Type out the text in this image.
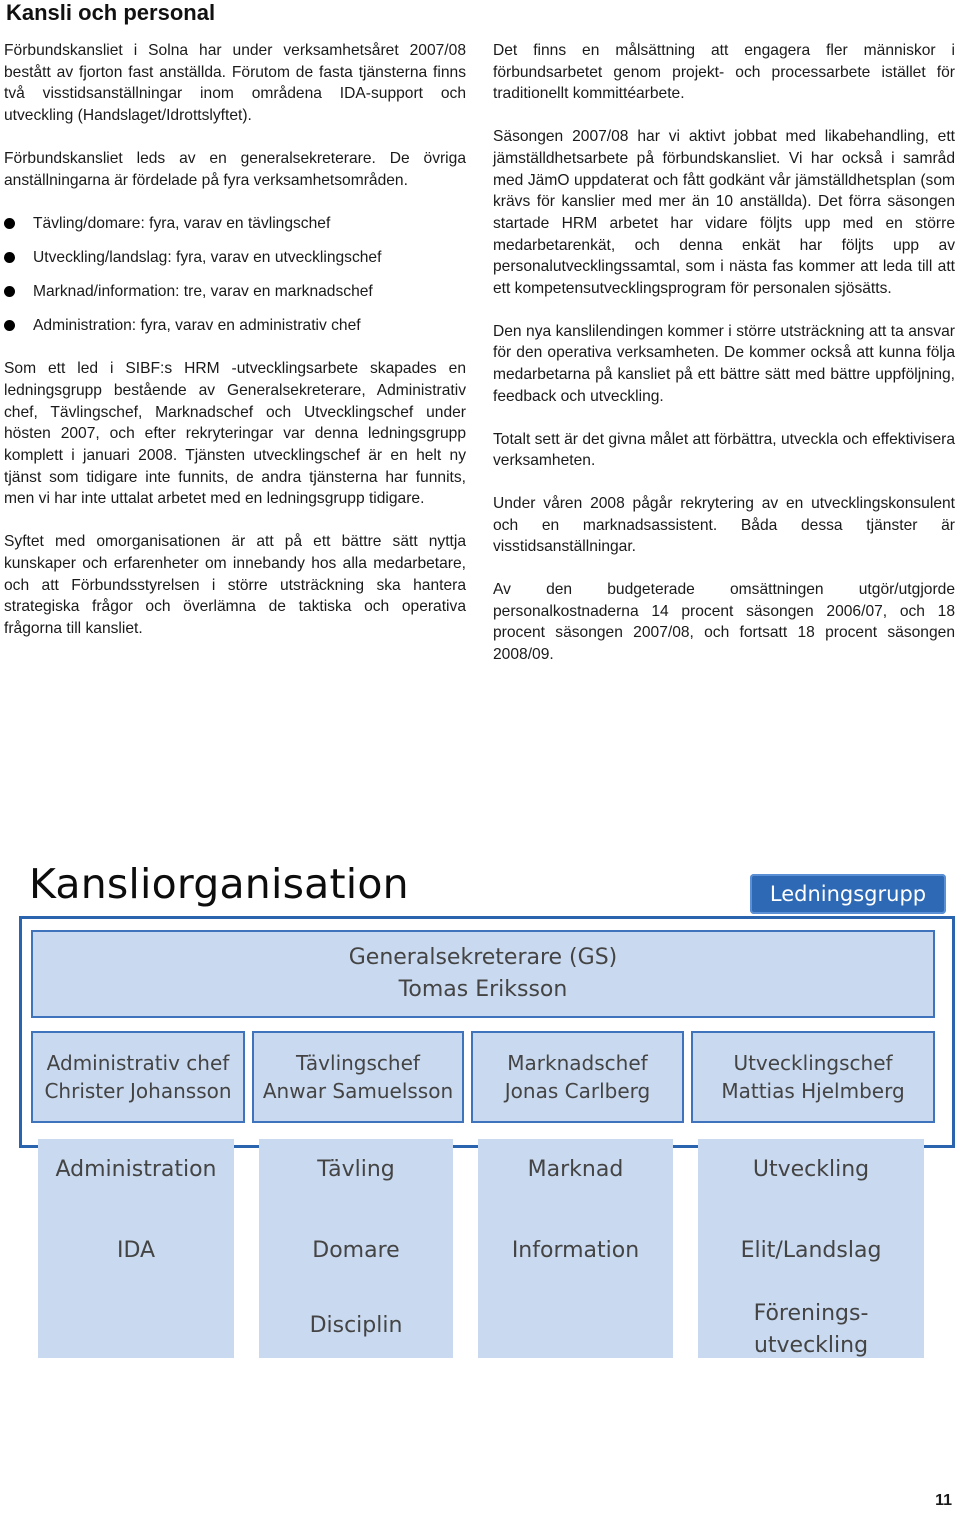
Kansli och personal

Förbundskansliet i Solna har under verksamhetsåret 2007/08 bestått av fjorton fast anställda. Förutom de fasta tjänsterna finns två visstidsanställningar inom områdena IDA-support och utveckling (Handslaget/Idrottslyftet).

Förbundskansliet leds av en generalsekreterare. De övriga anställningarna är fördelade på fyra verksamhetsområden.

Tävling/domare: fyra, varav en tävlingschef
Utveckling/landslag: fyra, varav en utvecklingschef
Marknad/information: tre, varav en marknadschef
Administration: fyra, varav en administrativ chef

Som ett led i SIBF:s HRM -utvecklingsarbete skapades en ledningsgrupp bestående av Generalsekreterare, Administrativ chef, Tävlingschef, Marknadschef och Utvecklingschef under hösten 2007, och efter rekryteringar var denna ledningsgrupp komplett i januari 2008. Tjänsten utvecklingschef är en helt ny tjänst som tidigare inte funnits, de andra tjänsterna har funnits, men vi har inte uttalat arbetet med en ledningsgrupp tidigare.

Syftet med omorganisationen är att på ett bättre sätt nyttja kunskaper och erfarenheter om innebandy hos alla medarbetare, och att Förbundsstyrelsen i större utsträckning ska hantera strategiska frågor och överlämna de taktiska och operativa frågorna till kansliet.

Det finns en målsättning att engagera fler människor i förbundsarbetet genom projekt- och processarbete istället för traditionellt kommittéarbete.

Säsongen 2007/08 har vi aktivt jobbat med likabehandling, ett jämställdhetsarbete på förbundskansliet. Vi har också i samråd med JämO uppdaterat och fått godkänt vår jämställdhetsplan (som krävs för kanslier med mer än 10 anställda). Det förra säsongen startade HRM arbetet har vidare följts upp med en större medarbetarenkät, och denna enkät har följts upp av personalutvecklingssamtal, som i nästa fas kommer att leda till att ett kompetensutvecklingsprogram för personalen sjösätts.

Den nya kanslilendingen kommer i större utsträckning att ta ansvar för den operativa verksamheten. De kommer också att kunna följa medarbetarna på kansliet på ett bättre sätt med bättre uppföljning, feedback och utveckling.

Totalt sett är det givna målet att förbättra, utveckla och effektivisera verksamheten.

Under våren 2008 pågår rekrytering av en utvecklingskonsulent och en marknadsassistent. Båda dessa tjänster är visstidsanställningar.

Av den budgeterade omsättningen utgör/utgjorde personalkostnaderna 14 procent säsongen 2006/07, och 18 procent säsongen 2007/08, och fortsatt 18 procent säsongen 2008/09.

Kansliorganisation	Ledningsgrupp
Generalsekreterare (GS)
Tomas Eriksson
Administrativ chef
Christer Johansson
Tävlingschef
Anwar Samuelsson
Marknadschef
Jonas Carlberg
Utvecklingschef
Mattias Hjelmberg
Administration
IDA
Tävling
Domare
Disciplin
Marknad
Information
Utveckling
Elit/Landslag
Förenings-
utveckling
11
